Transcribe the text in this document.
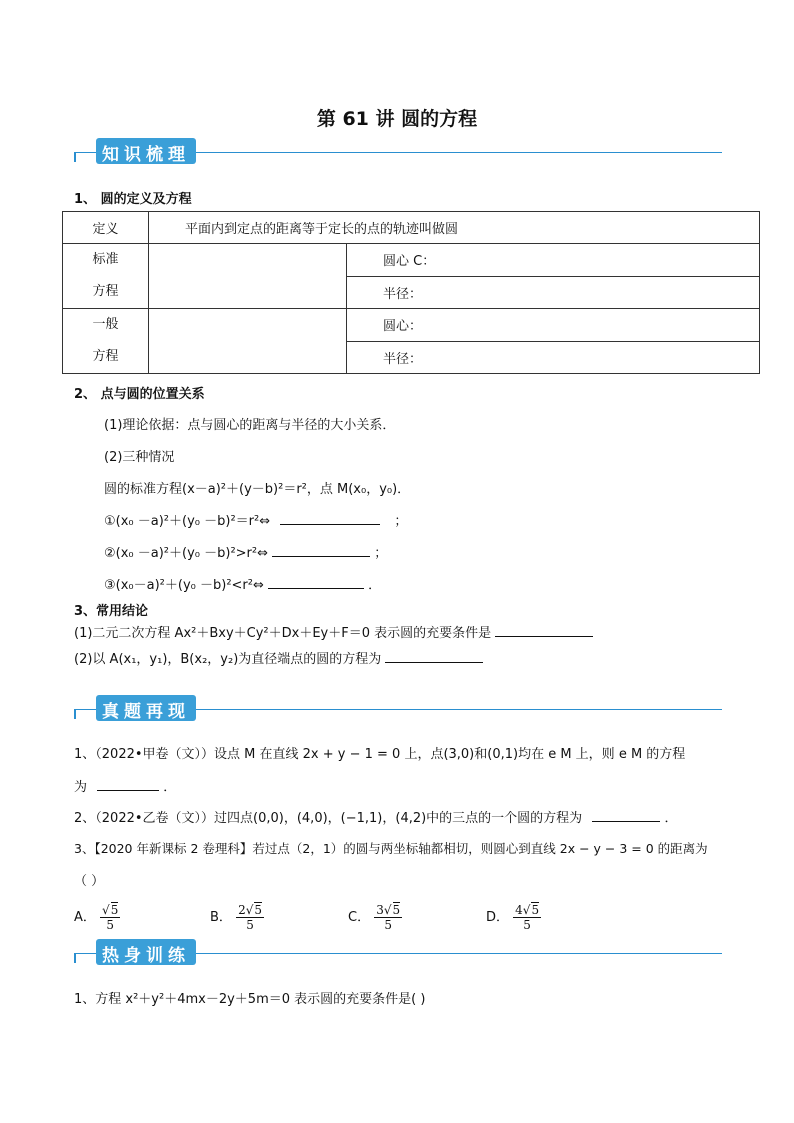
第 61 讲 圆的方程
知识梳理
1、 圆的定义及方程
定义	平面内到定点的距离等于定长的点的轨迹叫做圆	

标准
方程		圆心 C：
		半径：

一般
方程		圆心：
		半径：
2、 点与圆的位置关系
(1)理论依据：点与圆心的距离与半径的大小关系．
(2)三种情况
圆的标准方程(x－a)²＋(y－b)²＝r²，点 M(x₀，y₀)．
①(x₀ －a)²＋(y₀ －b)²＝r²⇔	；
②(x₀ －a)²＋(y₀ －b)²>r²⇔	；
③(x₀－a)²＋(y₀ －b)²<r²⇔	．
3、常用结论
(1)二元二次方程 Ax²＋Bxy＋Cy²＋Dx＋Ey＋F＝0 表示圆的充要条件是
(2)以 A(x₁，y₁)，B(x₂，y₂)为直径端点的圆的方程为
真题再现
1、（2022•甲卷（文））设点 M 在直线 2x + y − 1 = 0 上，点(3,0)和(0,1)均在 e M 上，则 e M 的方程
为	．
2、（2022•乙卷（文））过四点(0,0)，(4,0)，(−1,1)，(4,2)中的三点的一个圆的方程为	．
3、【2020 年新课标 2 卷理科】若过点（2，1）的圆与两坐标轴都相切，则圆心到直线 2x − y − 3 = 0 的距离为
（ ）
A． $\frac{√5}{5}$	B． $\frac{2√5}{5}$	C． $\frac{3√5}{5}$	D． $\frac{4√5}{5}$
热身训练
1、方程 x²＋y²＋4mx－2y＋5m＝0 表示圆的充要条件是( )
